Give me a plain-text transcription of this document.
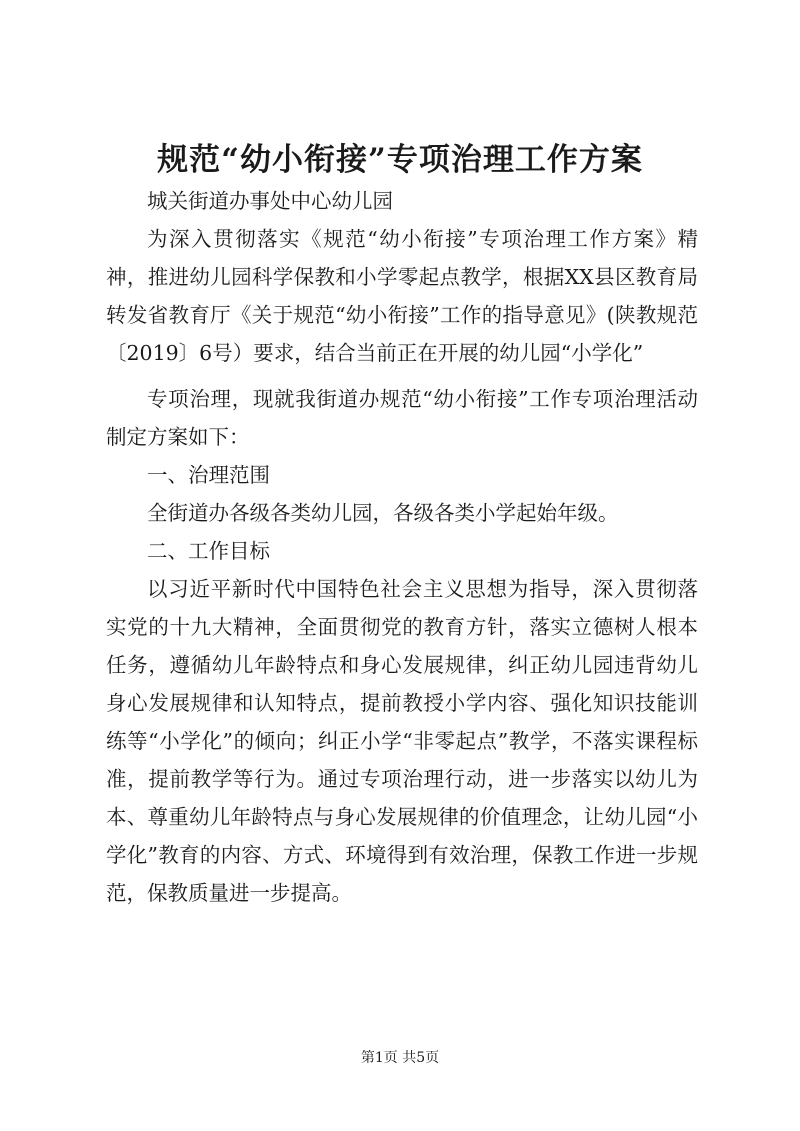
规范“幼小衔接”专项治理工作方案

城关街道办事处中心幼儿园

为深入贯彻落实《规范“幼小衔接”专项治理工作方案》精神，推进幼儿园科学保教和小学零起点教学，根据XX县区教育局转发省教育厅《关于规范“幼小衔接”工作的指导意见》(陕教规范〔2019〕6号）要求，结合当前正在开展的幼儿园“小学化”

专项治理，现就我街道办规范“幼小衔接”工作专项治理活动制定方案如下：

一、治理范围

全街道办各级各类幼儿园，各级各类小学起始年级。

二、工作目标

以习近平新时代中国特色社会主义思想为指导，深入贯彻落实党的十九大精神，全面贯彻党的教育方针，落实立德树人根本任务，遵循幼儿年龄特点和身心发展规律，纠正幼儿园违背幼儿身心发展规律和认知特点，提前教授小学内容、强化知识技能训练等“小学化”的倾向；纠正小学“非零起点”教学，不落实课程标准，提前教学等行为。通过专项治理行动，进一步落实以幼儿为本、尊重幼儿年龄特点与身心发展规律的价值理念，让幼儿园“小学化”教育的内容、方式、环境得到有效治理，保教工作进一步规范，保教质量进一步提高。

第1页 共5页
